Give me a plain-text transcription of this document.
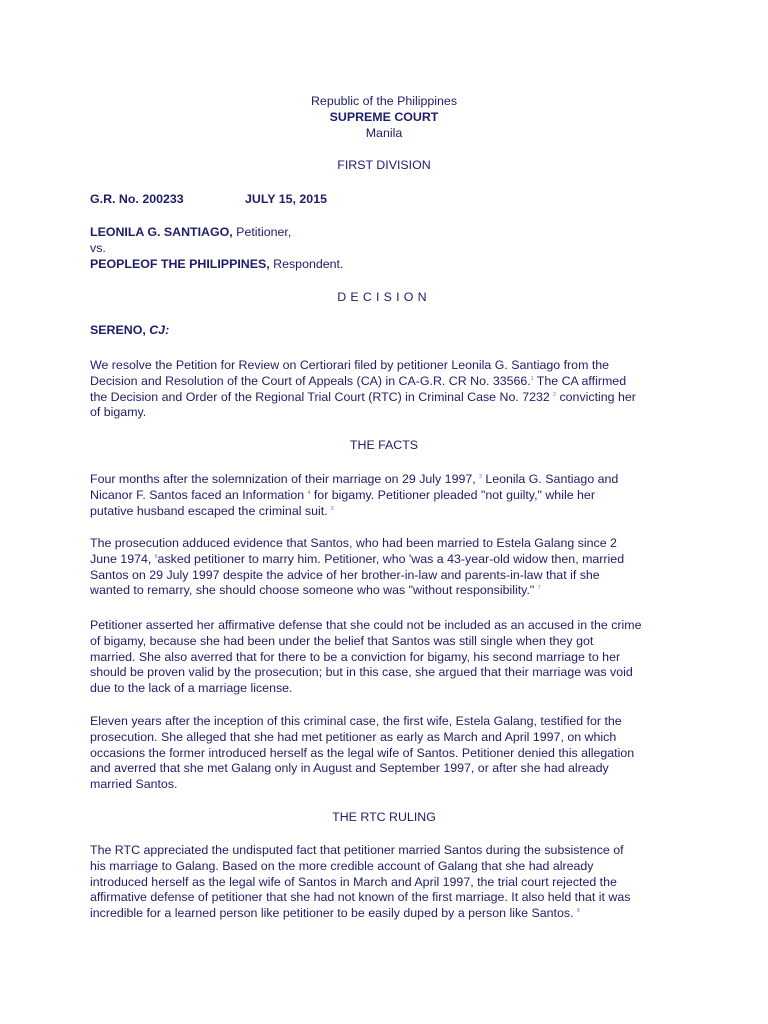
Republic of the Philippines
SUPREME COURT
Manila
FIRST DIVISION
G.R. No. 200233	JULY 15, 2015
LEONILA G. SANTIAGO, Petitioner,
vs.
PEOPLEOF THE PHILIPPINES, Respondent.
DECISION
SERENO, CJ:
We resolve the Petition for Review on Certiorari filed by petitioner Leonila G. Santiago from the
Decision and Resolution of the Court of Appeals (CA) in CA-G.R. CR No. 33566.$^1$ The CA affirmed
the Decision and Order of the Regional Trial Court (RTC) in Criminal Case No. 7232 $^2$ convicting her
of bigamy.
THE FACTS
Four months after the solemnization of their marriage on 29 July 1997, $^3$ Leonila G. Santiago and
Nicanor F. Santos faced an Information $^4$ for bigamy. Petitioner pleaded "not guilty," while her
putative husband escaped the criminal suit. $^5$
The prosecution adduced evidence that Santos, who had been married to Estela Galang since 2
June 1974, $^6$asked petitioner to marry him. Petitioner, who 'was a 43-year-old widow then, married
Santos on 29 July 1997 despite the advice of her brother-in-law and parents-in-law that if she
wanted to remarry, she should choose someone who was "without responsibility." $^7$
Petitioner asserted her affirmative defense that she could not be included as an accused in the crime
of bigamy, because she had been under the belief that Santos was still single when they got
married. She also averred that for there to be a conviction for bigamy, his second marriage to her
should be proven valid by the prosecution; but in this case, she argued that their marriage was void
due to the lack of a marriage license.
Eleven years after the inception of this criminal case, the first wife, Estela Galang, testified for the
prosecution. She alleged that she had met petitioner as early as March and April 1997, on which
occasions the former introduced herself as the legal wife of Santos. Petitioner denied this allegation
and averred that she met Galang only in August and September 1997, or after she had already
married Santos.
THE RTC RULING
The RTC appreciated the undisputed fact that petitioner married Santos during the subsistence of
his marriage to Galang. Based on the more credible account of Galang that she had already
introduced herself as the legal wife of Santos in March and April 1997, the trial court rejected the
affirmative defense of petitioner that she had not known of the first marriage. It also held that it was
incredible for a learned person like petitioner to be easily duped by a person like Santos. $^8$
